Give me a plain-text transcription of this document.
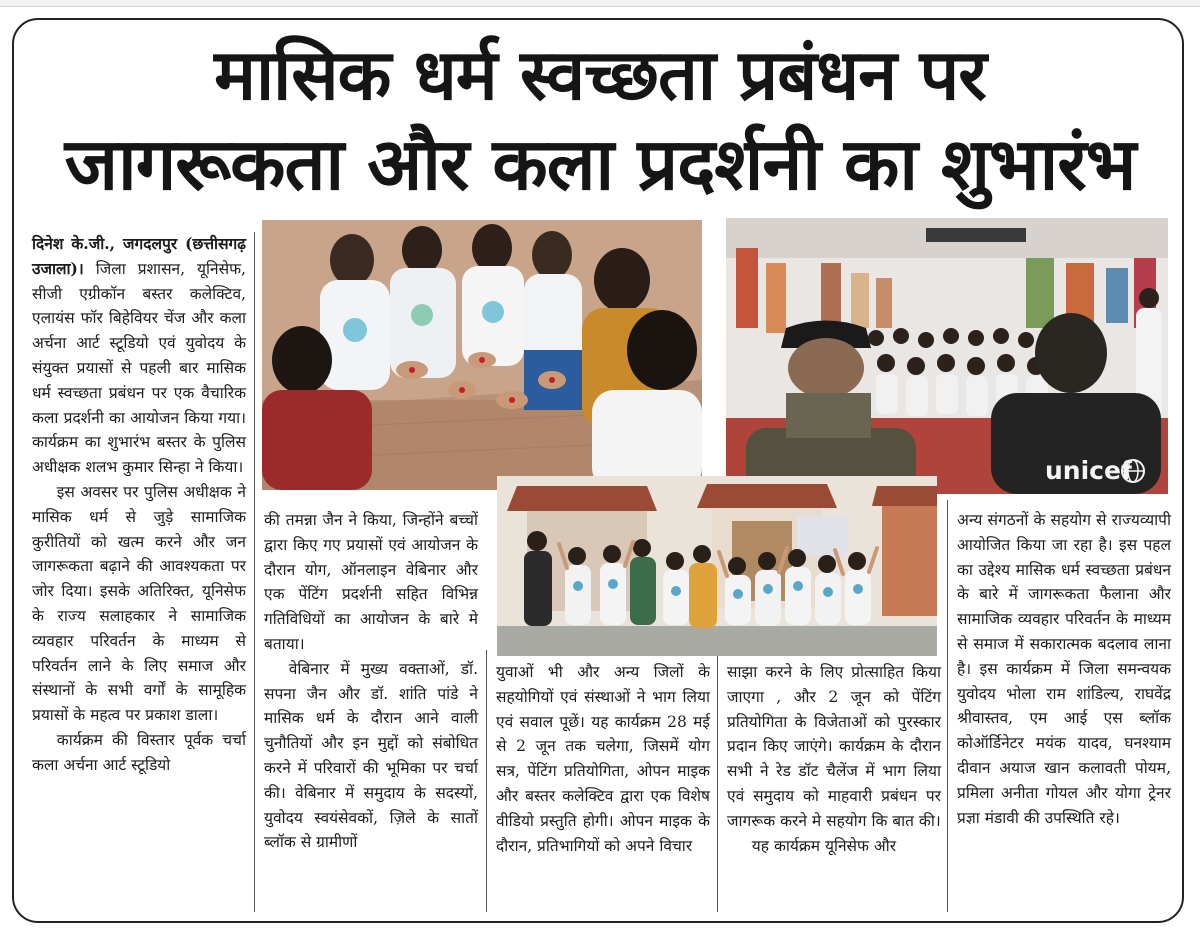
मासिक धर्म स्वच्छता प्रबंधन पर
जागरूकता और कला प्रदर्शनी का शुभारंभ

दिनेश के.जी., जगदलपुर (छत्तीसगढ़ उजाला)। जिला प्रशासन, यूनिसेफ, सीजी एग्रीकॉन बस्तर कलेक्टिव, एलायंस फॉर बिहेवियर चेंज और कला अर्चना आर्ट स्टूडियो एवं युवोदय के संयुक्त प्रयासों से पहली बार मासिक धर्म स्वच्छता प्रबंधन पर एक वैचारिक कला प्रदर्शनी का आयोजन किया गया। कार्यक्रम का शुभारंभ बस्तर के पुलिस अधीक्षक शलभ कुमार सिन्हा ने किया।

इस अवसर पर पुलिस अधीक्षक ने मासिक धर्म से जुड़े सामाजिक कुरीतियों को खत्म करने और जन जागरूकता बढ़ाने की आवश्यकता पर जोर दिया। इसके अतिरिक्त, यूनिसेफ के राज्य सलाहकार ने सामाजिक व्यवहार परिवर्तन के माध्यम से परिवर्तन लाने के लिए समाज और संस्थानों के सभी वर्गों के सामूहिक प्रयासों के महत्व पर प्रकाश डाला।

कार्यक्रम की विस्तार पूर्वक चर्चा कला अर्चना आर्ट स्टूडियो

की तमन्ना जैन ने किया, जिन्होंने बच्चों द्वारा किए गए प्रयासों एवं आयोजन के दौरान योग, ऑनलाइन वेबिनार और एक पेंटिंग प्रदर्शनी सहित विभिन्न गतिविधियों का आयोजन के बारे मे बताया।

वेबिनार में मुख्य वक्ताओं, डॉ. सपना जैन और डॉ. शांति पांडे ने मासिक धर्म के दौरान आने वाली चुनौतियों और इन मुद्दों को संबोधित करने में परिवारों की भूमिका पर चर्चा की। वेबिनार में समुदाय के सदस्यों, युवोदय स्वयंसेवकों, ज़िले के सातों ब्लॉक से ग्रामीणों

युवाओं भी और अन्य जिलों के सहयोगियों एवं संस्थाओं ने भाग लिया एवं सवाल पूछें। यह कार्यक्रम 28 मई से 2 जून तक चलेगा, जिसमें योग सत्र, पेंटिंग प्रतियोगिता, ओपन माइक और बस्तर कलेक्टिव द्वारा एक विशेष वीडियो प्रस्तुति होगी। ओपन माइक के दौरान, प्रतिभागियों को अपने विचार

साझा करने के लिए प्रोत्साहित किया जाएगा , और 2 जून को पेंटिंग प्रतियोगिता के विजेताओं को पुरस्कार प्रदान किए जाएंगे। कार्यक्रम के दौरान सभी ने रेड डॉट चैलेंज में भाग लिया एवं समुदाय को माहवारी प्रबंधन पर जागरूक करने मे सहयोग कि बात की।

यह कार्यक्रम यूनिसेफ और

अन्य संगठनों के सहयोग से राज्यव्यापी आयोजित किया जा रहा है। इस पहल का उद्देश्य मासिक धर्म स्वच्छता प्रबंधन के बारे में जागरूकता फैलाना और सामाजिक व्यवहार परिवर्तन के माध्यम से समाज में सकारात्मक बदलाव लाना है। इस कार्यक्रम में जिला समन्वयक युवोदय भोला राम शांडिल्य, राघवेंद्र श्रीवास्तव, एम आई एस ब्लॉक कोऑर्डिनेटर मयंक यादव, घनश्याम दीवान अयाज खान कलावती पोयम, प्रमिला अनीता गोयल और योगा ट्रेनर प्रज्ञा मंडावी की उपस्थिति रहे।

unicef
